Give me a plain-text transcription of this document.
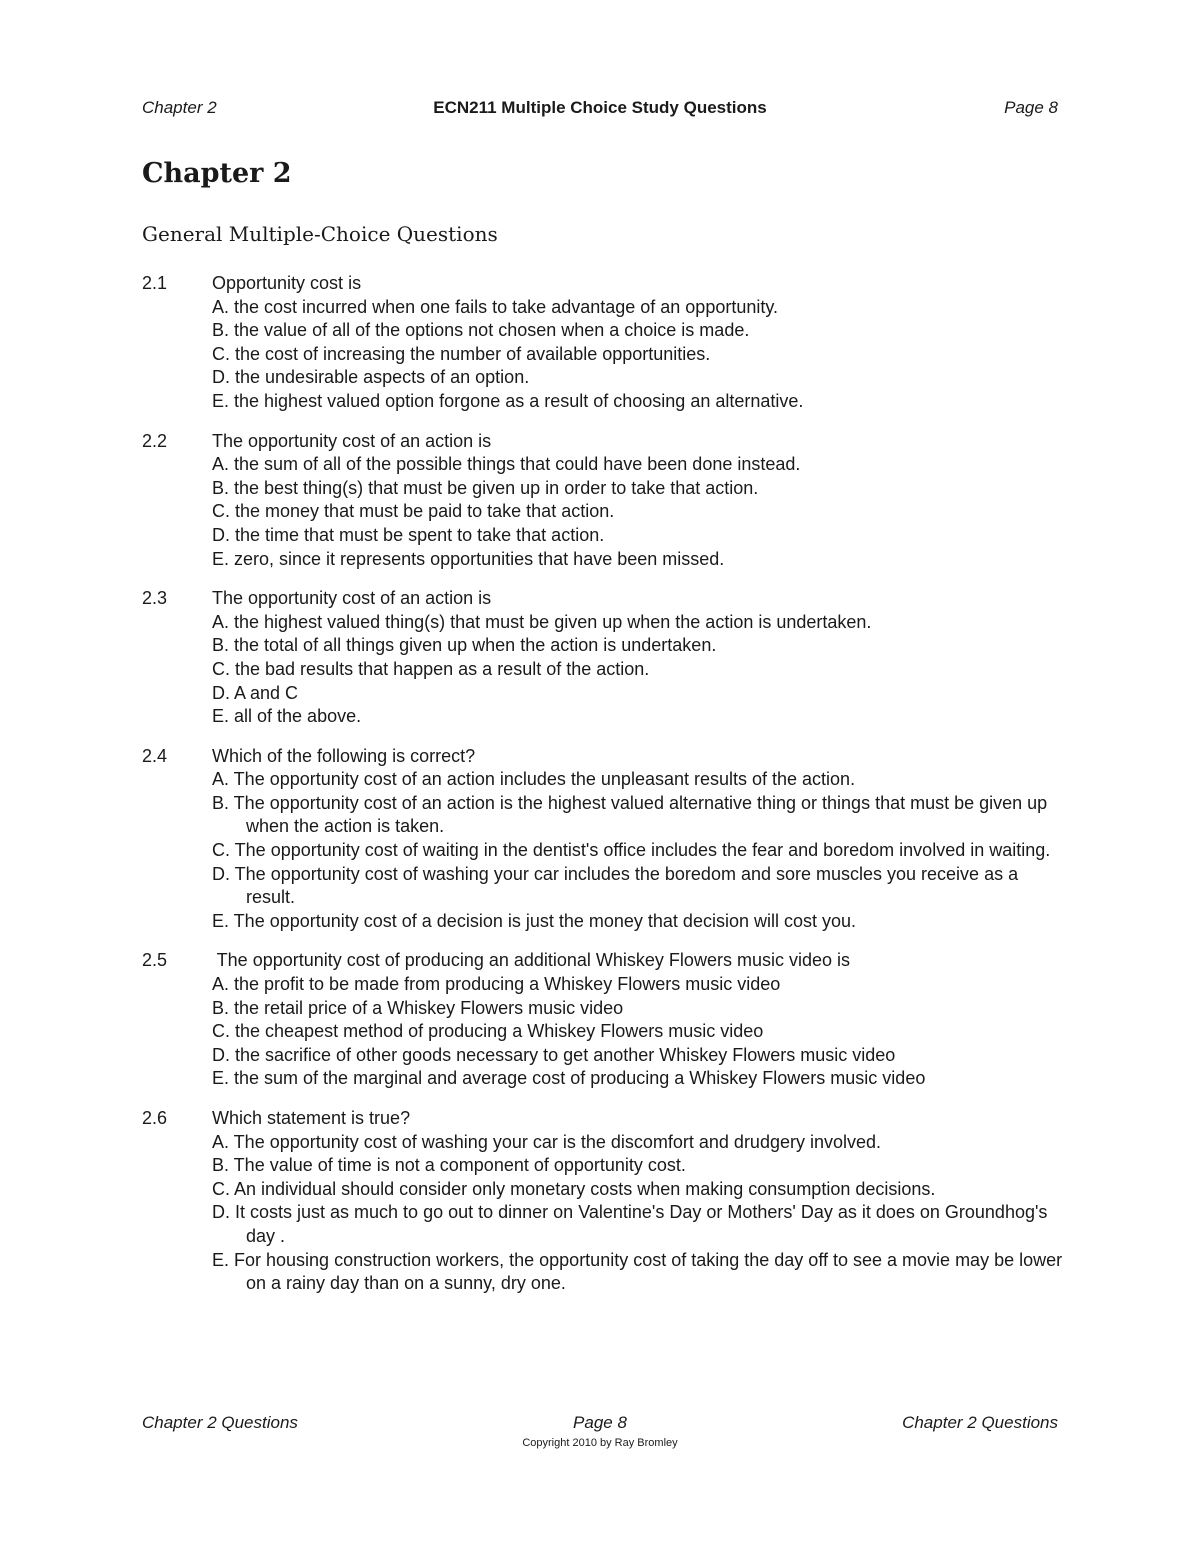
Chapter 2	ECN211 Multiple Choice Study Questions	Page 8
Chapter 2
General Multiple-Choice Questions
2.1	Opportunity cost is
A. the cost incurred when one fails to take advantage of an opportunity.
B. the value of all of the options not chosen when a choice is made.
C. the cost of increasing the number of available opportunities.
D. the undesirable aspects of an option.
E. the highest valued option forgone as a result of choosing an alternative.
2.2	The opportunity cost of an action is
A. the sum of all of the possible things that could have been done instead.
B. the best thing(s) that must be given up in order to take that action.
C. the money that must be paid to take that action.
D. the time that must be spent to take that action.
E. zero, since it represents opportunities that have been missed.
2.3	The opportunity cost of an action is
A. the highest valued thing(s) that must be given up when the action is undertaken.
B. the total of all things given up when the action is undertaken.
C. the bad results that happen as a result of the action.
D. A and C
E. all of the above.
2.4	Which of the following is correct?
A. The opportunity cost of an action includes the unpleasant results of the action.
B. The opportunity cost of an action is the highest valued alternative thing or things that must be given up when the action is taken.
C. The opportunity cost of waiting in the dentist's office includes the fear and boredom involved in waiting.
D. The opportunity cost of washing your car includes the boredom and sore muscles you receive as a result.
E. The opportunity cost of a decision is just the money that decision will cost you.
2.5	The opportunity cost of producing an additional Whiskey Flowers music video is
A. the profit to be made from producing a Whiskey Flowers music video
B. the retail price of a Whiskey Flowers music video
C. the cheapest method of producing a Whiskey Flowers music video
D. the sacrifice of other goods necessary to get another Whiskey Flowers music video
E. the sum of the marginal and average cost of producing a Whiskey Flowers music video
2.6	Which statement is true?
A. The opportunity cost of washing your car is the discomfort and drudgery involved.
B. The value of time is not a component of opportunity cost.
C. An individual should consider only monetary costs when making consumption decisions.
D. It costs just as much to go out to dinner on Valentine's Day or Mothers' Day as it does on Groundhog's day .
E. For housing construction workers, the opportunity cost of taking the day off to see a movie may be lower on a rainy day than on a sunny, dry one.
Chapter 2 Questions	Page 8	Chapter 2 Questions
Copyright 2010 by Ray Bromley
